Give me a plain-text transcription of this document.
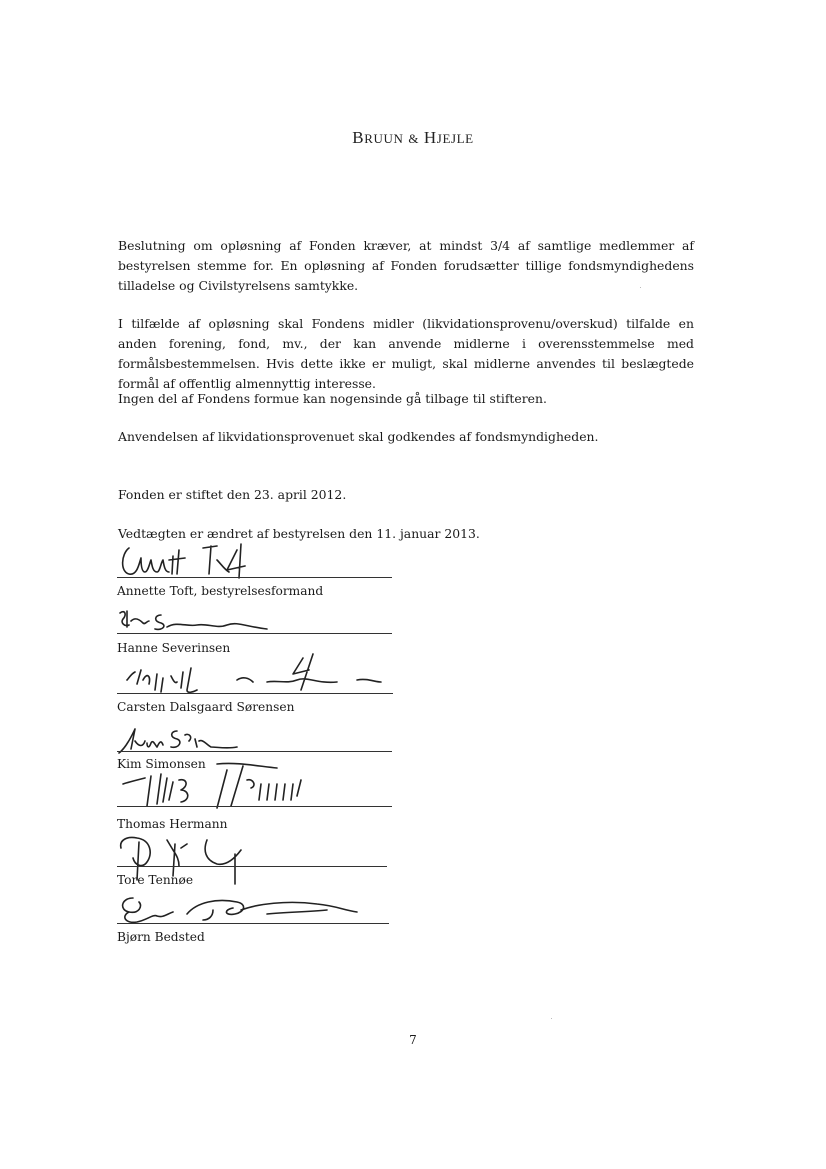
BRUUN & HJEJLE
Beslutning om opløsning af Fonden kræver, at mindst 3/4 af samtlige medlemmer af bestyrelsen stemme for. En opløsning af Fonden forudsætter tillige fondsmyndighedens tilladelse og Civilstyrelsens samtykke.
I tilfælde af opløsning skal Fondens midler (likvidationsprovenu/overskud) tilfalde en anden forening, fond, mv., der kan anvende midlerne i overensstemmelse med formålsbestemmelsen. Hvis dette ikke er muligt, skal midlerne anvendes til beslægtede formål af offentlig almennyttig interesse.
Ingen del af Fondens formue kan nogensinde gå tilbage til stifteren.
Anvendelsen af likvidationsprovenuet skal godkendes af fondsmyndigheden.
Fonden er stiftet den 23. april 2012.
Vedtægten er ændret af bestyrelsen den 11. januar 2013.
Annette Toft, bestyrelsesformand
Hanne Severinsen
Carsten Dalsgaard Sørensen
Kim Simonsen
Thomas Hermann
Tore Tennøe
Bjørn Bedsted
7
